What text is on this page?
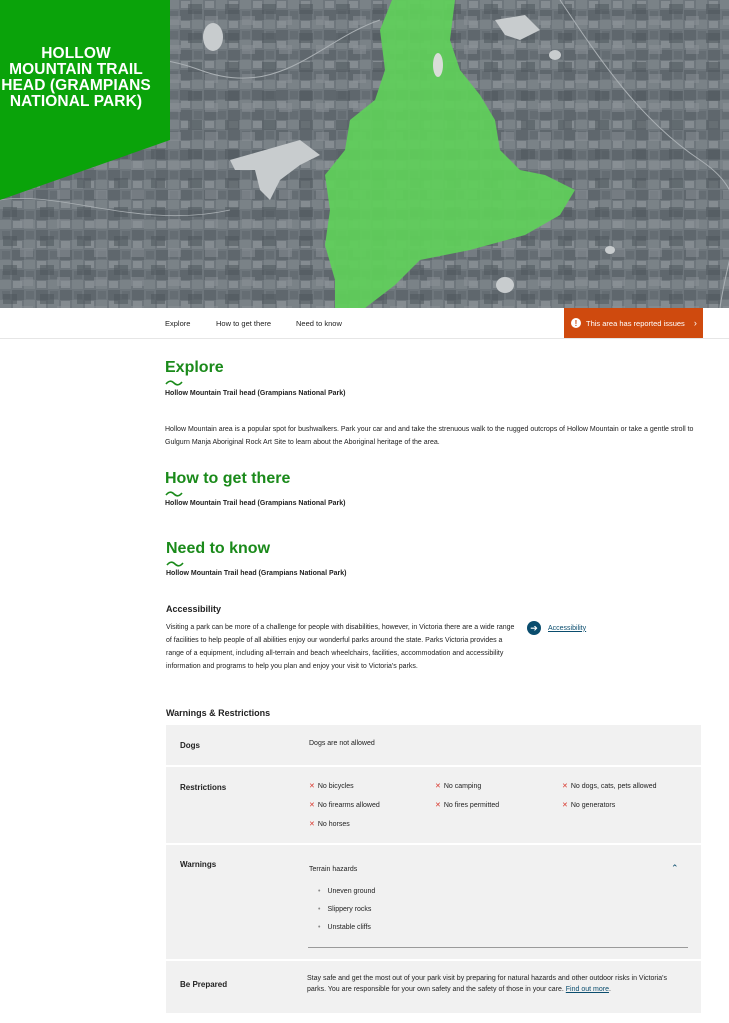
HOLLOW MOUNTAIN TRAIL HEAD (GRAMPIANS NATIONAL PARK)
Explore	How to get there	Need to know	!	This area has reported issues ›
Explore
Hollow Mountain Trail head (Grampians National Park)
Hollow Mountain area is a popular spot for bushwalkers. Park your car and and take the strenuous walk to the rugged outcrops of Hollow Mountain or take a gentle stroll to Gulgurn Manja Aboriginal Rock Art Site to learn about the Aboriginal heritage of the area.
How to get there
Hollow Mountain Trail head (Grampians National Park)
Need to know
Hollow Mountain Trail head (Grampians National Park)
Accessibility
Visiting a park can be more of a challenge for people with disabilities, however, in Victoria there are a wide range of facilities to help people of all abilities enjoy our wonderful parks around the state. Parks Victoria provides a range of a equipment, including all-terrain and beach wheelchairs, facilities, accommodation and accessibility information and programs to help you plan and enjoy your visit to Victoria's parks.
➔	Accessibility
Warnings & Restrictions
Dogs	Dogs are not allowed
Restrictions	✕ No bicycles	✕ No camping	✕ No dogs, cats, pets allowed
✕ No firearms allowed	✕ No fires permitted	✕ No generators
✕ No horses
Warnings
Terrain hazards	⌃
• Uneven ground
• Slippery rocks
• Unstable cliffs
Be Prepared
Stay safe and get the most out of your park visit by preparing for natural hazards and other outdoor risks in Victoria's parks. You are responsible for your own safety and the safety of those in your care. Find out more.
